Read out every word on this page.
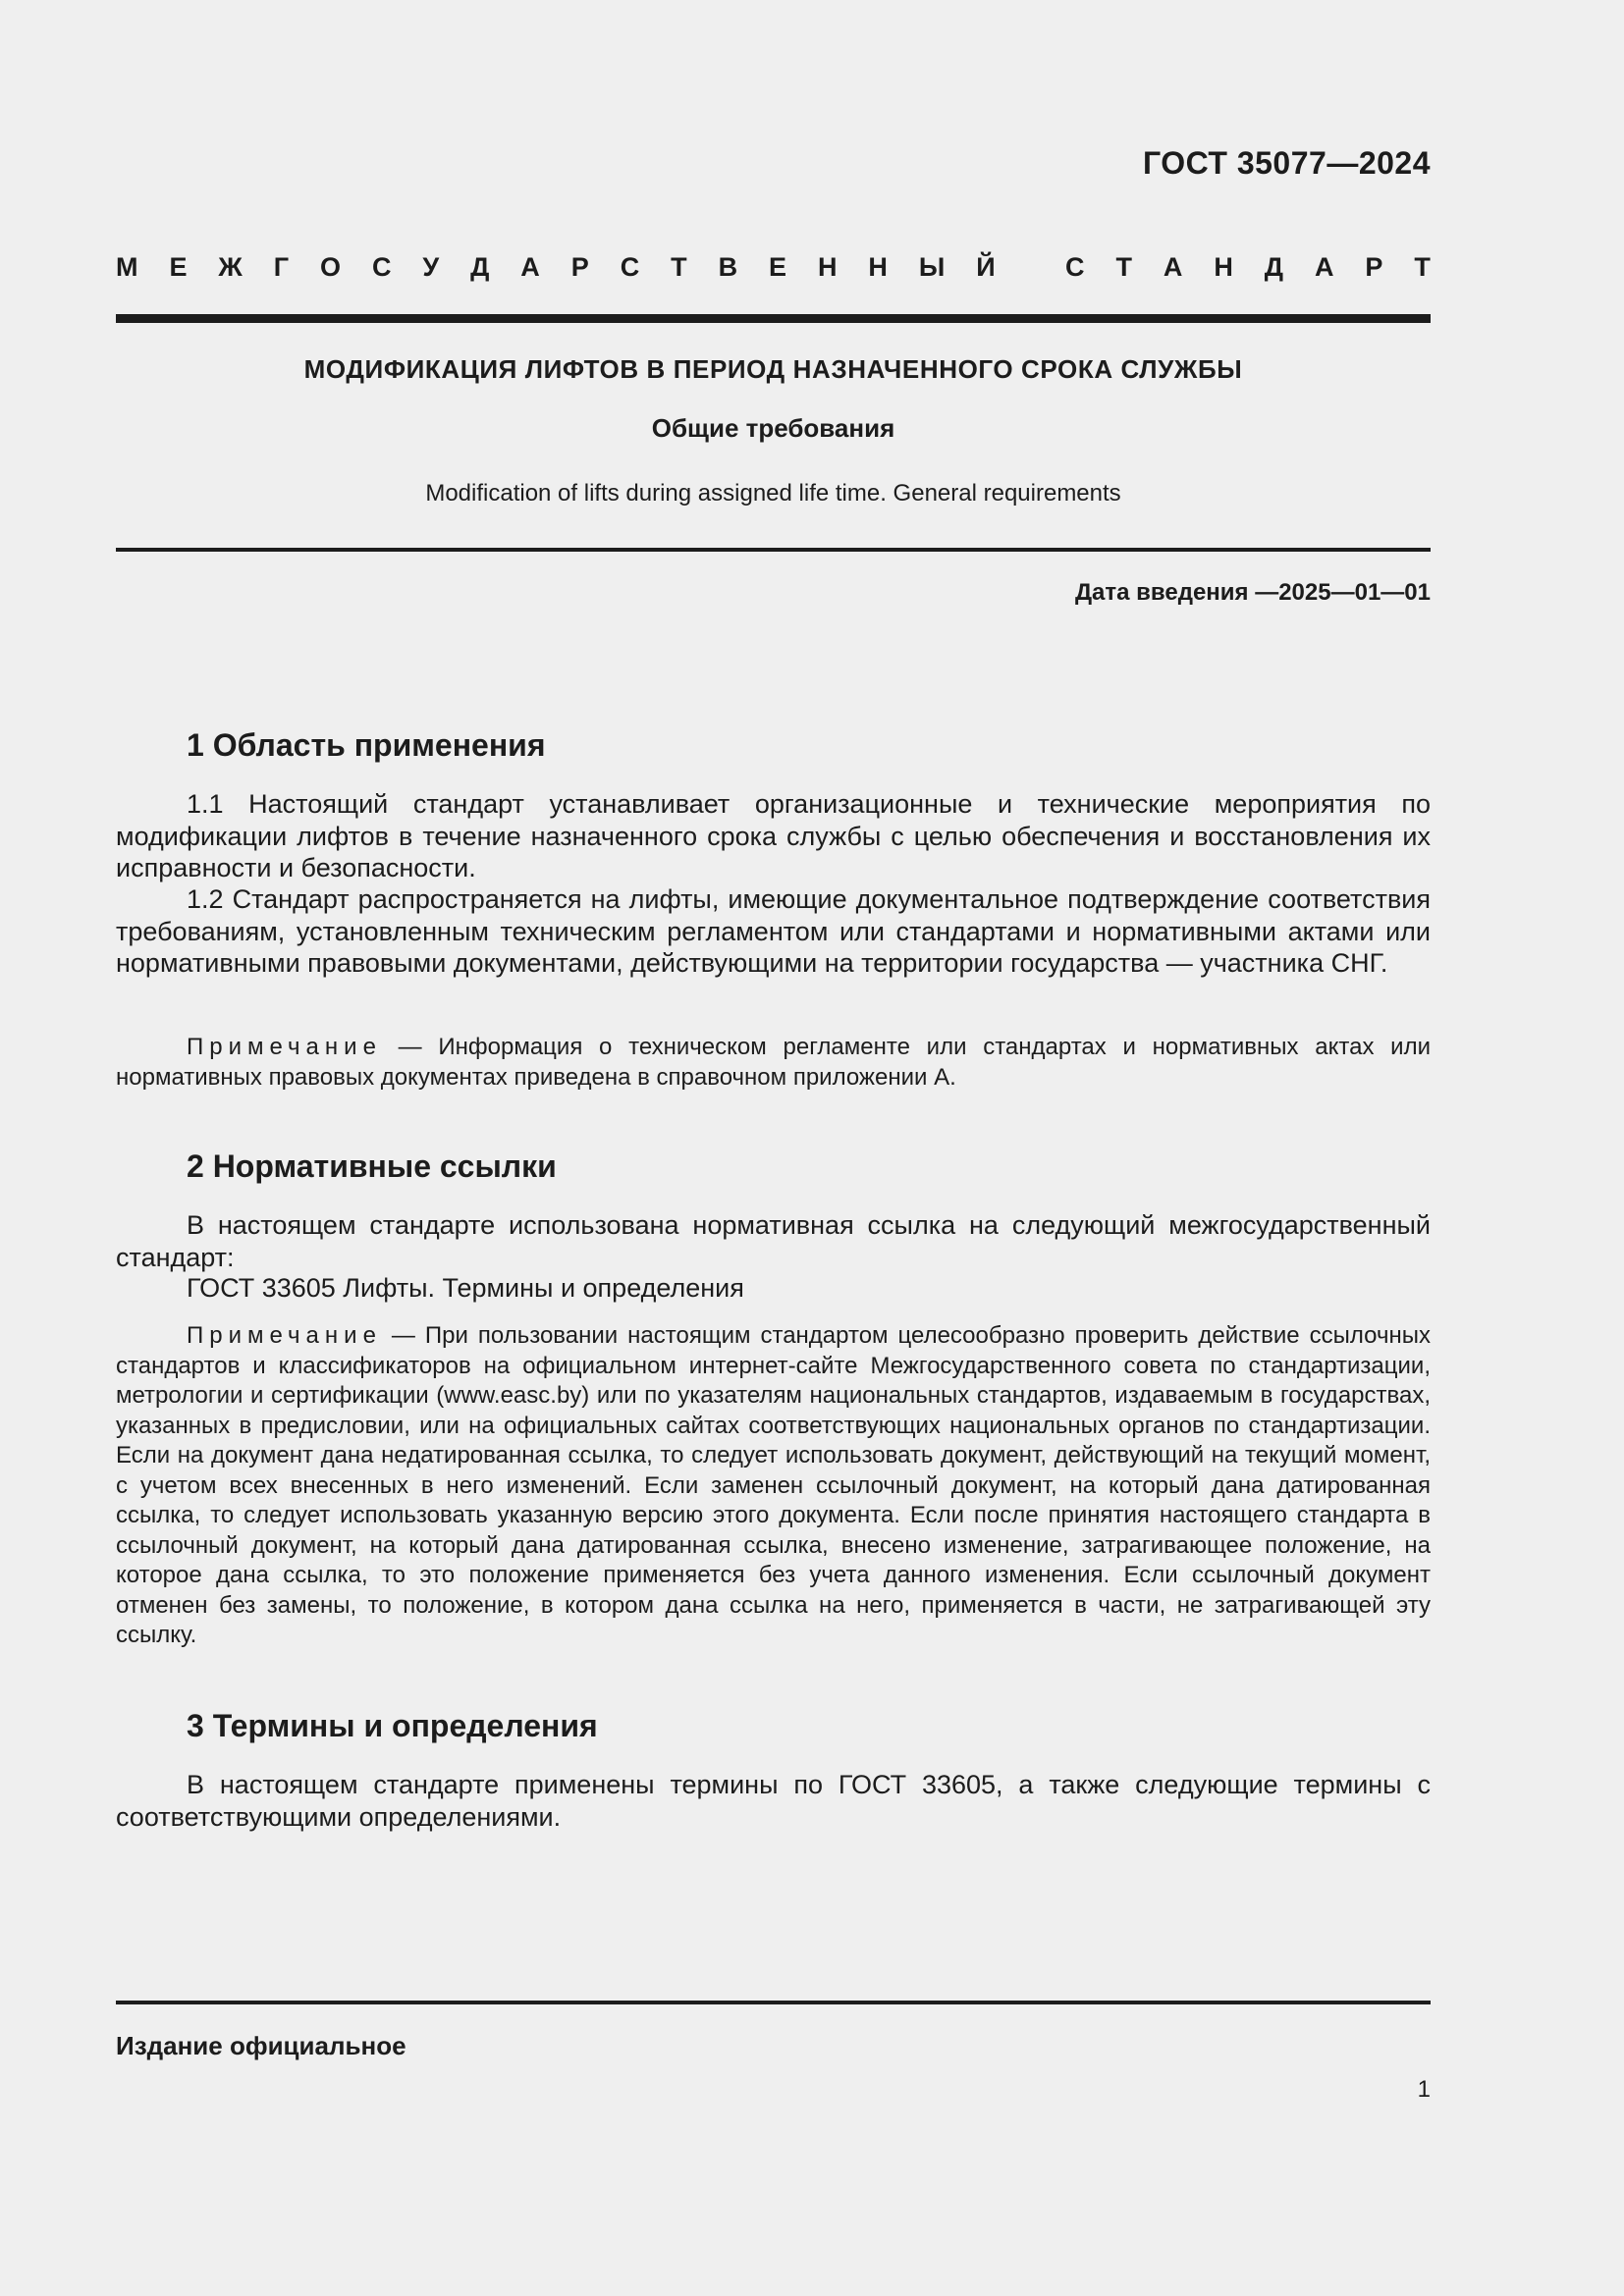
ГОСТ 35077—2024
М Е Ж Г О С У Д А Р С Т В Е Н Н Ы Й
	С Т А Н Д А Р Т
МОДИФИКАЦИЯ ЛИФТОВ В ПЕРИОД НАЗНАЧЕННОГО СРОКА СЛУЖБЫ
Общие требования
Modification of lifts during assigned life time. General requirements
Дата введения —2025—01—01
1 Область применения
1.1 Настоящий стандарт устанавливает организационные и технические мероприятия по модификации лифтов в течение назначенного срока службы с целью обеспечения и восстановления их исправности и безопасности.
1.2 Стандарт распространяется на лифты, имеющие документальное подтверждение соответствия требованиям, установленным техническим регламентом или стандартами и нормативными актами или нормативными правовыми документами, действующими на территории государства — участника СНГ.
Примечание — Информация о техническом регламенте или стандартах и нормативных актах или нормативных правовых документах приведена в справочном приложении А.
2 Нормативные ссылки
В настоящем стандарте использована нормативная ссылка на следующий межгосударственный стандарт:
ГОСТ 33605 Лифты. Термины и определения
Примечание — При пользовании настоящим стандартом целесообразно проверить действие ссылочных стандартов и классификаторов на официальном интернет-сайте Межгосударственного совета по стандартизации, метрологии и сертификации (www.easc.by) или по указателям национальных стандартов, издаваемым в государствах, указанных в предисловии, или на официальных сайтах соответствующих национальных органов по стандартизации. Если на документ дана недатированная ссылка, то следует использовать документ, действующий на текущий момент, с учетом всех внесенных в него изменений. Если заменен ссылочный документ, на который дана датированная ссылка, то следует использовать указанную версию этого документа. Если после принятия настоящего стандарта в ссылочный документ, на который дана датированная ссылка, внесено изменение, затрагивающее положение, на которое дана ссылка, то это положение применяется без учета данного изменения. Если ссылочный документ отменен без замены, то положение, в котором дана ссылка на него, применяется в части, не затрагивающей эту ссылку.
3 Термины и определения
В настоящем стандарте применены термины по ГОСТ 33605, а также следующие термины с соответствующими определениями.
Издание официальное
1
